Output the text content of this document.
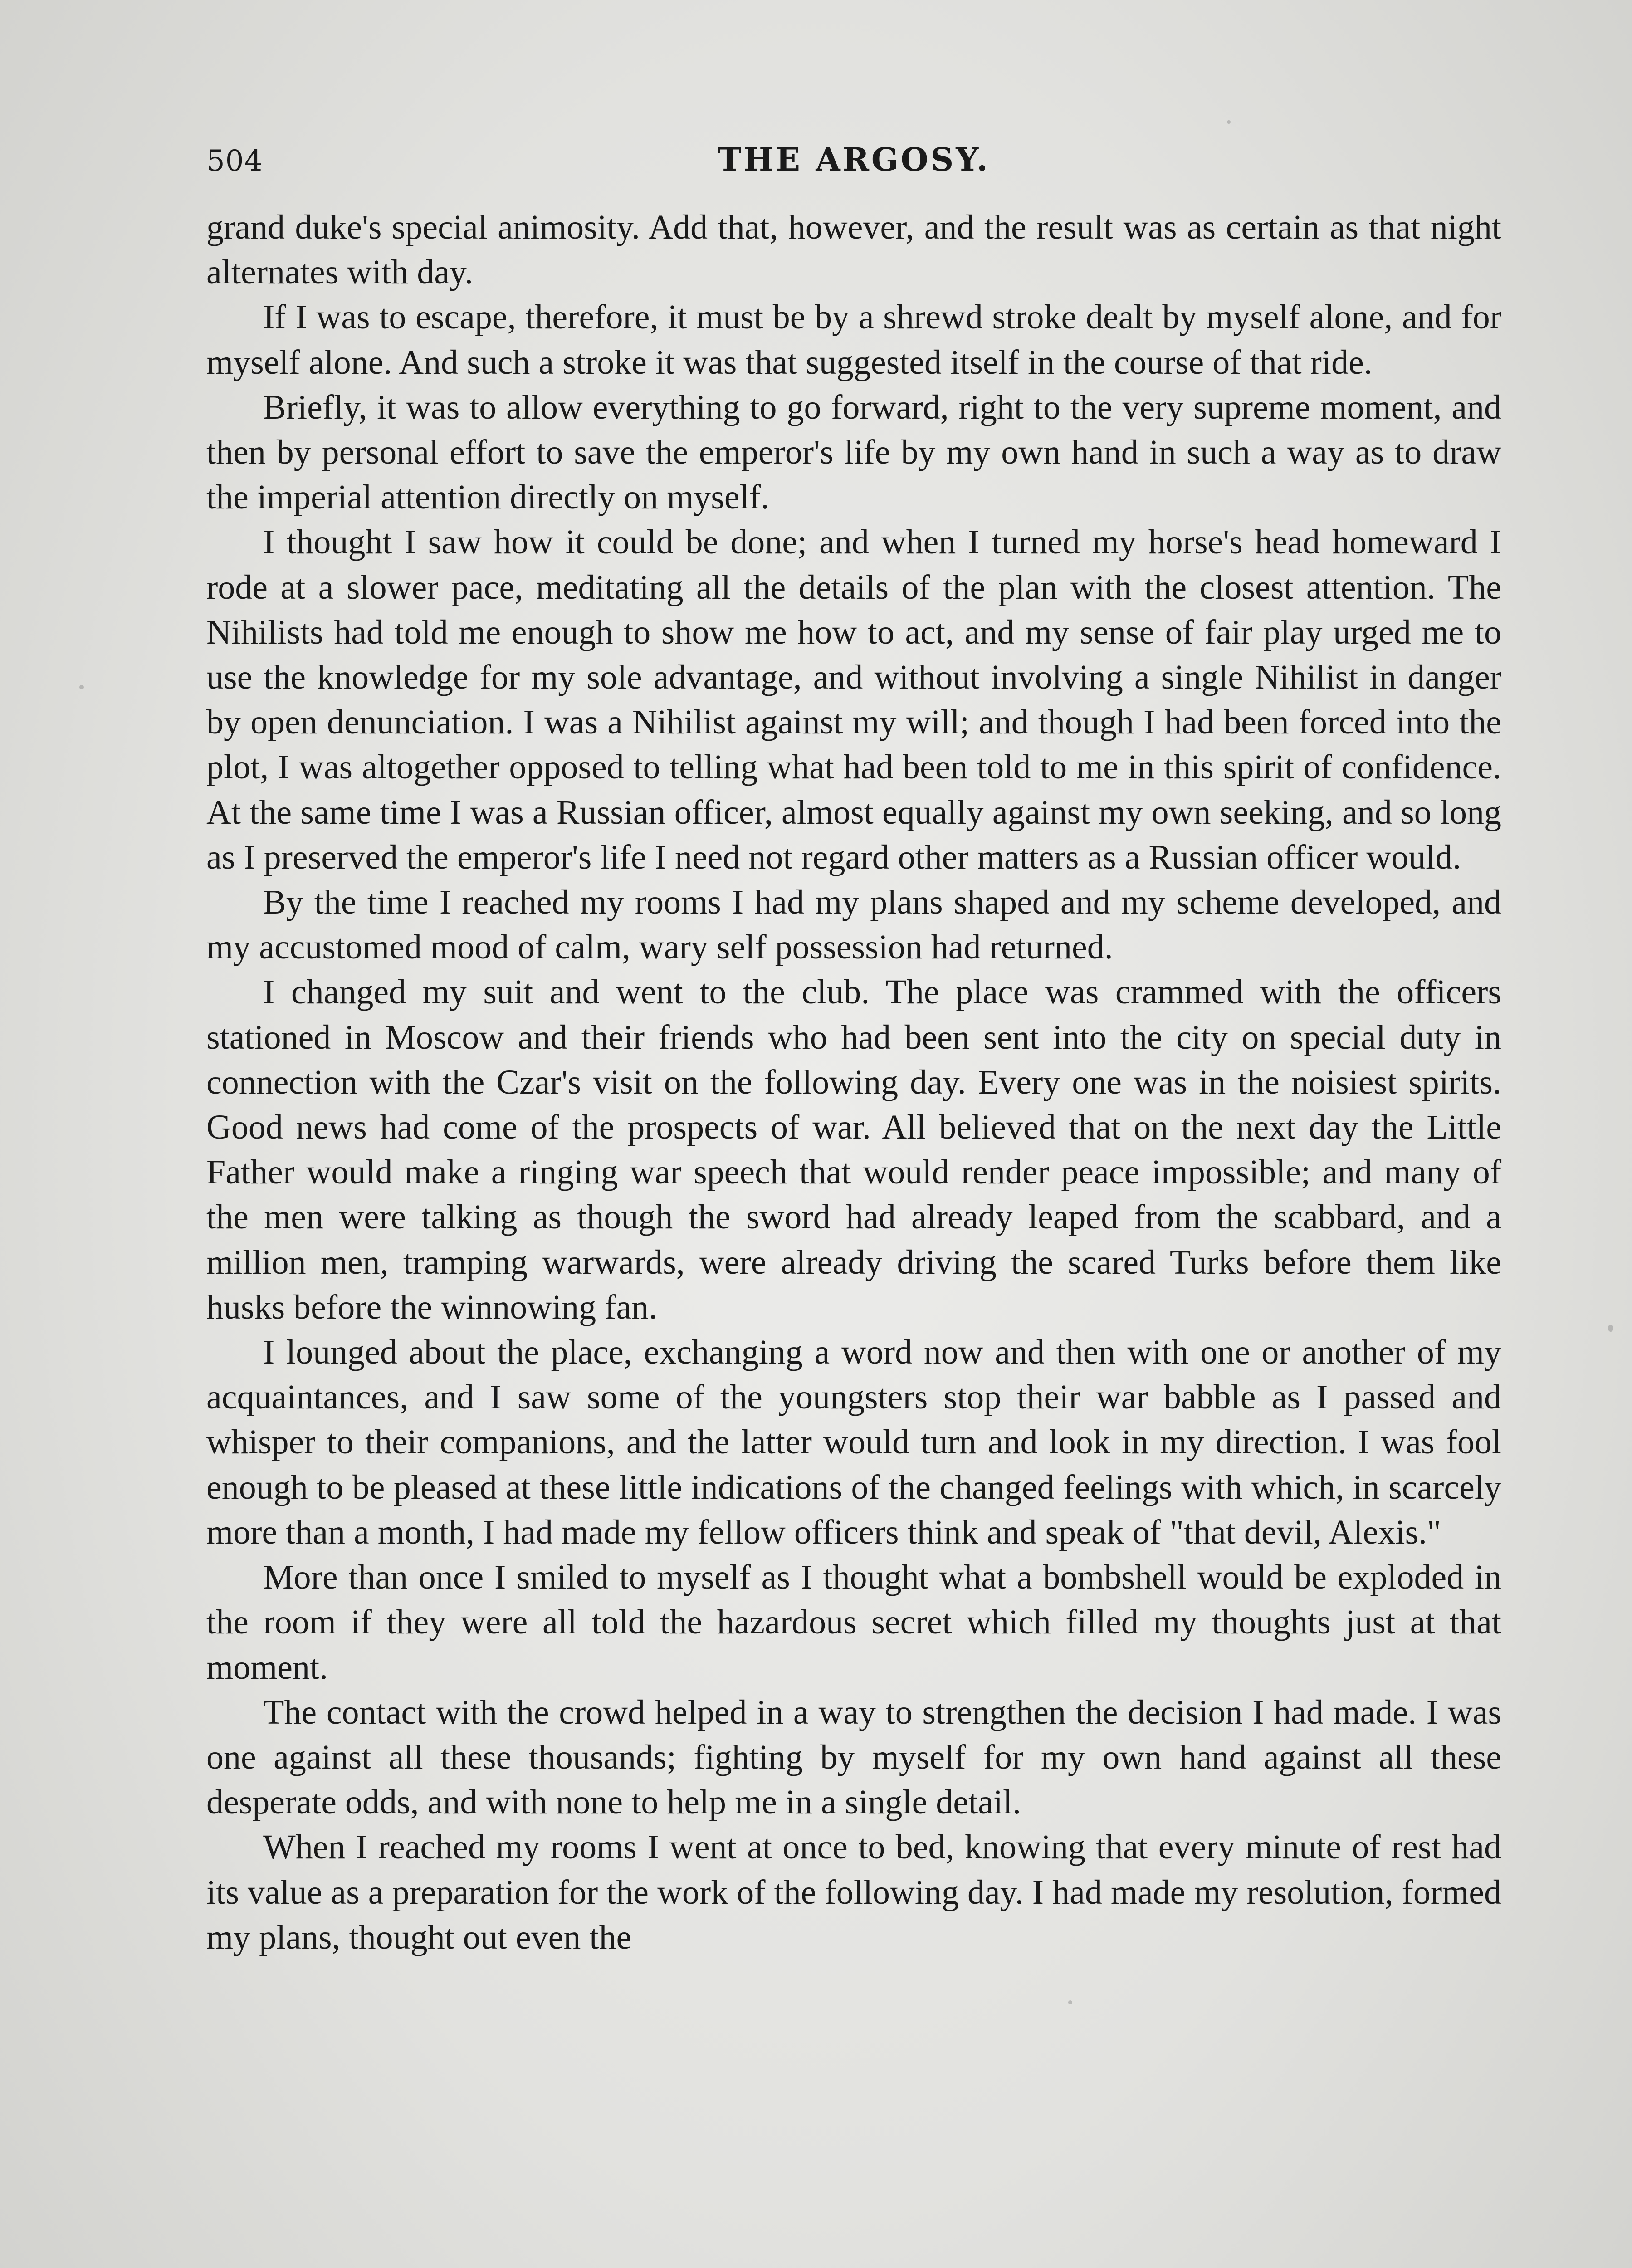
504	THE ARGOSY.

grand duke's special animosity. Add that, however, and the result was as certain as that night alternates with day.

If I was to escape, therefore, it must be by a shrewd stroke dealt by myself alone, and for myself alone. And such a stroke it was that suggested itself in the course of that ride.

Briefly, it was to allow everything to go forward, right to the very supreme moment, and then by personal effort to save the emperor's life by my own hand in such a way as to draw the imperial attention directly on myself.

I thought I saw how it could be done; and when I turned my horse's head homeward I rode at a slower pace, meditating all the details of the plan with the closest attention. The Nihilists had told me enough to show me how to act, and my sense of fair play urged me to use the knowledge for my sole advantage, and without involving a single Nihilist in danger by open denunciation. I was a Nihilist against my will; and though I had been forced into the plot, I was altogether opposed to telling what had been told to me in this spirit of confidence. At the same time I was a Russian officer, almost equally against my own seeking, and so long as I preserved the emperor's life I need not regard other matters as a Russian officer would.

By the time I reached my rooms I had my plans shaped and my scheme developed, and my accustomed mood of calm, wary self possession had returned.

I changed my suit and went to the club. The place was crammed with the officers stationed in Moscow and their friends who had been sent into the city on special duty in connection with the Czar's visit on the following day. Every one was in the noisiest spirits. Good news had come of the prospects of war. All believed that on the next day the Little Father would make a ringing war speech that would render peace impossible; and many of the men were talking as though the sword had already leaped from the scabbard, and a million men, tramping warwards, were already driving the scared Turks before them like husks before the winnowing fan.

I lounged about the place, exchanging a word now and then with one or another of my acquaintances, and I saw some of the youngsters stop their war babble as I passed and whisper to their companions, and the latter would turn and look in my direction. I was fool enough to be pleased at these little indications of the changed feelings with which, in scarcely more than a month, I had made my fellow officers think and speak of "that devil, Alexis."

More than once I smiled to myself as I thought what a bombshell would be exploded in the room if they were all told the hazardous secret which filled my thoughts just at that moment.

The contact with the crowd helped in a way to strengthen the decision I had made. I was one against all these thousands; fighting by myself for my own hand against all these desperate odds, and with none to help me in a single detail.

When I reached my rooms I went at once to bed, knowing that every minute of rest had its value as a preparation for the work of the following day. I had made my resolution, formed my plans, thought out even the
